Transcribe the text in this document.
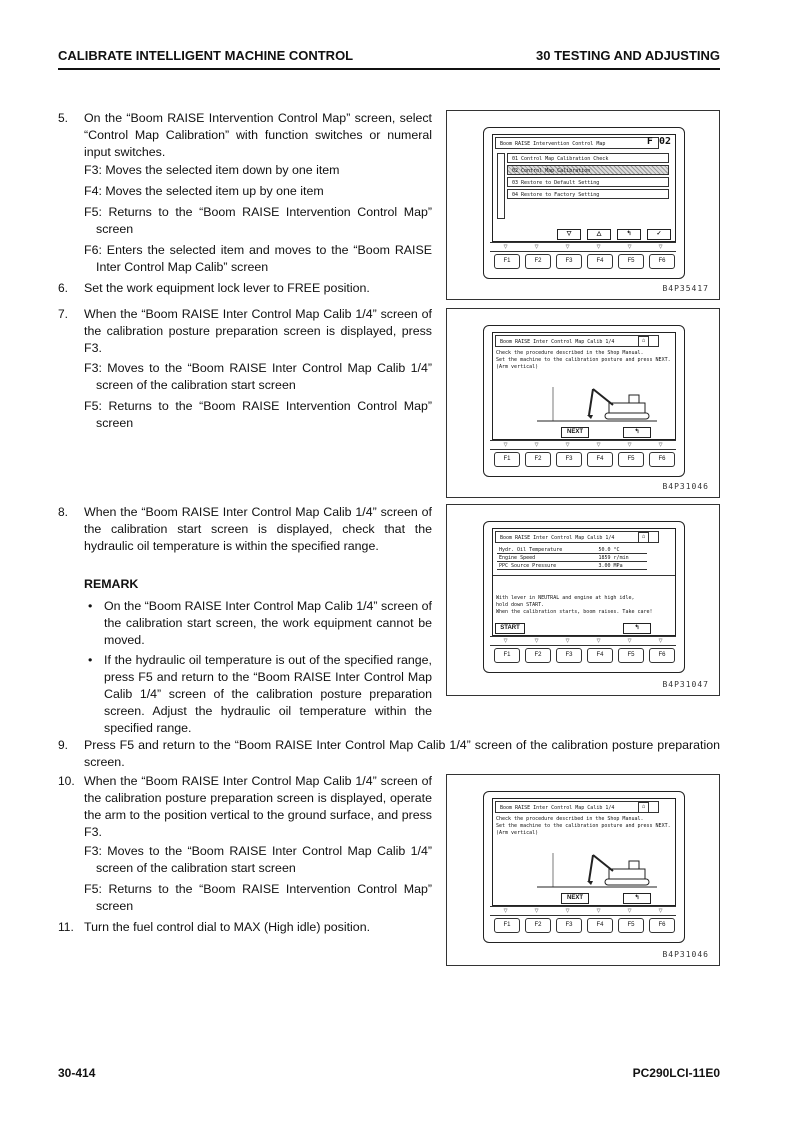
CALIBRATE INTELLIGENT MACHINE CONTROL	30 TESTING AND ADJUSTING
5. On the “Boom RAISE Intervention Control Map” screen, select “Control Map Calibration” with function switches or numeral input switches.
F3: Moves the selected item down by one item
F4: Moves the selected item up by one item
F5: Returns to the “Boom RAISE Intervention Control Map” screen
F6: Enters the selected item and moves to the “Boom RAISE Inter Control Map Calib” screen
6. Set the work equipment lock lever to FREE position.
7. When the “Boom RAISE Inter Control Map Calib 1/4” screen of the calibration posture preparation screen is displayed, press F3.
F3: Moves to the “Boom RAISE Inter Control Map Calib 1/4” screen of the calibration start screen
F5: Returns to the “Boom RAISE Intervention Control Map” screen
8. When the “Boom RAISE Inter Control Map Calib 1/4” screen of the calibration start screen is displayed, check that the hydraulic oil temperature is within the specified range.
REMARK
• On the “Boom RAISE Inter Control Map Calib 1/4” screen of the calibration start screen, the work equipment cannot be moved.
• If the hydraulic oil temperature is out of the specified range, press F5 and return to the “Boom RAISE Inter Control Map Calib 1/4” screen of the calibration posture preparation screen. Adjust the hydraulic oil temperature within the specified range.
9. Press F5 and return to the “Boom RAISE Inter Control Map Calib 1/4” screen of the calibration posture preparation screen.
10. When the “Boom RAISE Inter Control Map Calib 1/4” screen of the calibration posture preparation screen is displayed, operate the arm to the position vertical to the ground surface, and press F3.
F3: Moves to the “Boom RAISE Inter Control Map Calib 1/4” screen of the calibration start screen
F5: Returns to the “Boom RAISE Intervention Control Map” screen
11. Turn the fuel control dial to MAX (High idle) position.
Boom RAISE Intervention Control Map	F 02
01 Control Map Calibration Check
02 Control Map Calibration
03 Restore to Default Setting
04 Restore to Factory Setting
▽	△	↰	✓
▽	▽	▽	▽	▽	▽
F1	F2	F3	F4	F5	F6
B4P35417
Boom RAISE Inter Control Map Calib 1/4	⌂
Check the procedure described in the Shop Manual.
Set the machine to the calibration posture and press NEXT.
(Arm vertical)
NEXT	↰
▽	▽	▽	▽	▽	▽
F1	F2	F3	F4	F5	F6
B4P31046
Boom RAISE Inter Control Map Calib 1/4	⌂
Hydr. Oil Temperature	50.0 °C
Engine Speed	1859 r/min
PPC Source Pressure	3.00 MPa
With lever in NEUTRAL and engine at high idle,
hold down START.
When the calibration starts, boom raises. Take care!
START	↰
▽	▽	▽	▽	▽	▽
F1	F2	F3	F4	F5	F6
B4P31047
Boom RAISE Inter Control Map Calib 1/4	⌂
Check the procedure described in the Shop Manual.
Set the machine to the calibration posture and press NEXT.
(Arm vertical)
NEXT	↰
▽	▽	▽	▽	▽	▽
F1	F2	F3	F4	F5	F6
B4P31046
30-414	PC290LCI-11E0
